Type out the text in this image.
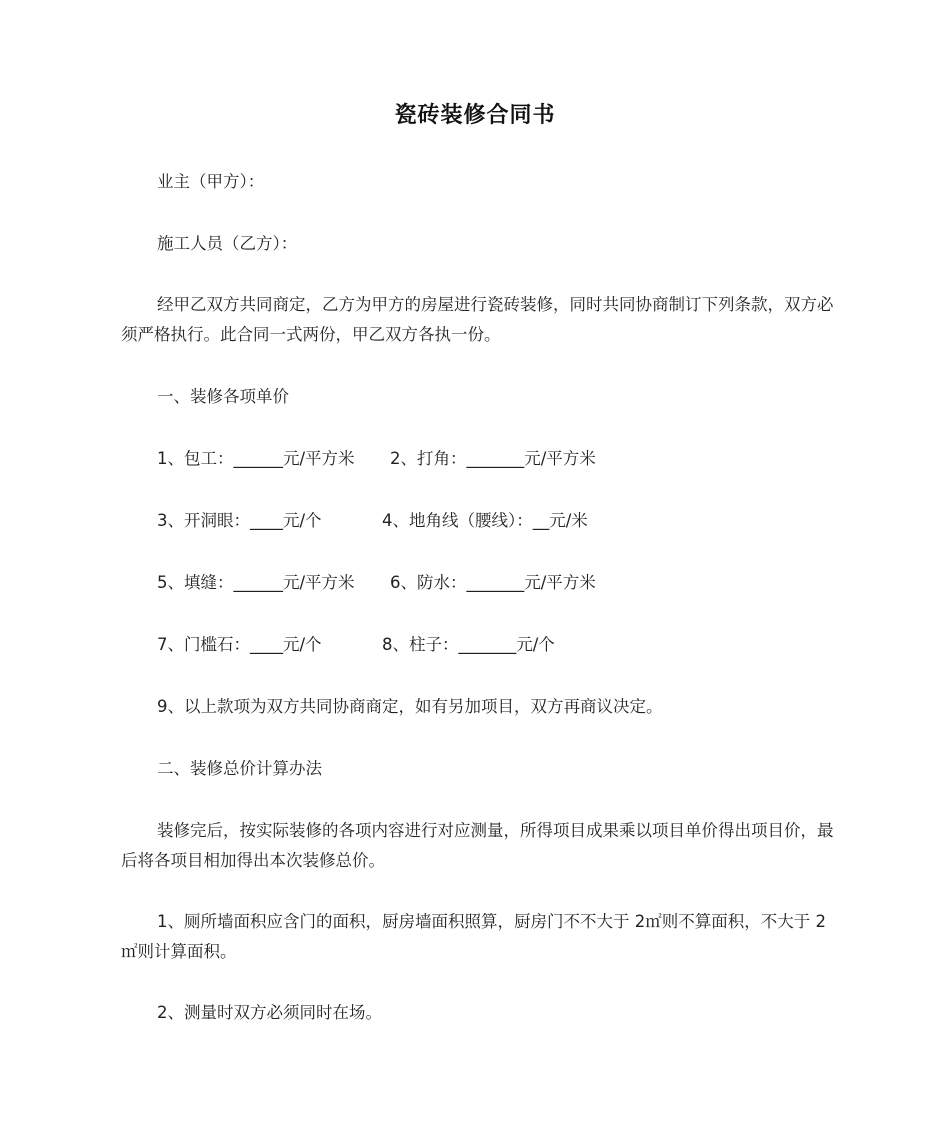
瓷砖装修合同书
业主（甲方）：
施工人员（乙方）：
经甲乙双方共同商定，乙方为甲方的房屋进行瓷砖装修，同时共同协商制订下列条款，双方必须严格执行。此合同一式两份，甲乙双方各执一份。
一、装修各项单价
1、包工：______元/平方米 2、打角：_______元/平方米
3、开洞眼：____元/个	4、地角线（腰线）：__元/米
5、填缝：______元/平方米 6、防水：_______元/平方米
7、门槛石：____元/个	8、柱子：_______元/个
9、以上款项为双方共同协商商定，如有另加项目，双方再商议决定。
二、装修总价计算办法
装修完后，按实际装修的各项内容进行对应测量，所得项目成果乘以项目单价得出项目价，最后将各项目相加得出本次装修总价。
1、厕所墙面积应含门的面积，厨房墙面积照算，厨房门不不大于 2㎡则不算面积，不大于 2㎡则计算面积。
2、测量时双方必须同时在场。
